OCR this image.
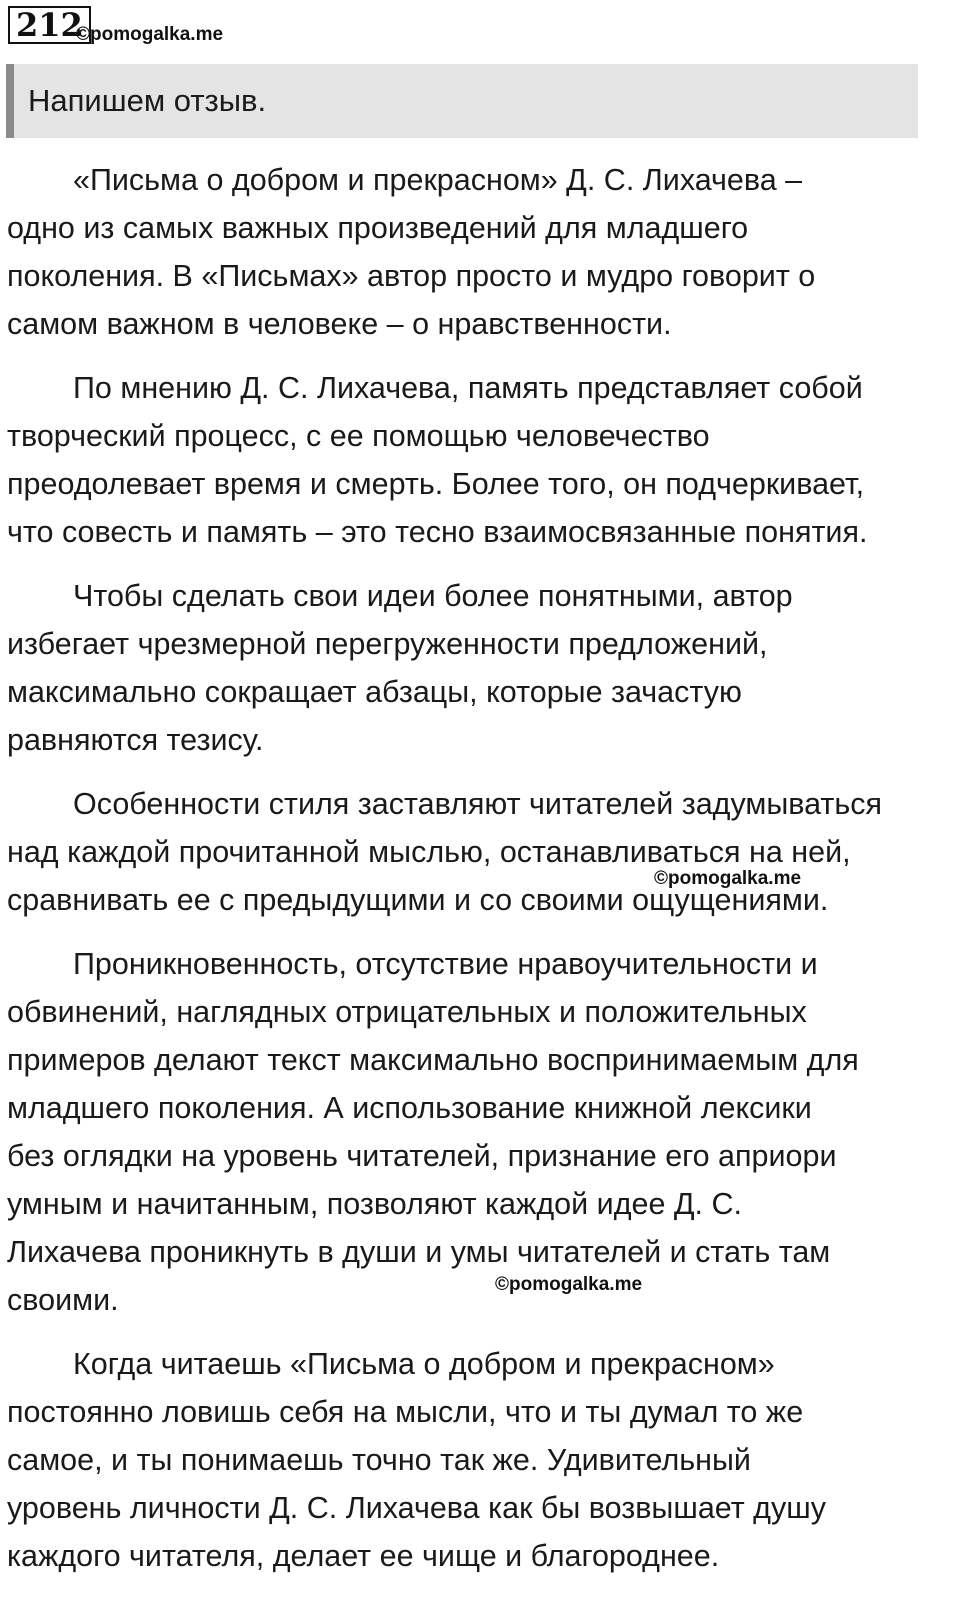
212
©pomogalka.me
Напишем отзыв.
«Письма о добром и прекрасном» Д. С. Лихачева –
одно из самых важных произведений для младшего
поколения. В «Письмах» автор просто и мудро говорит о
самом важном в человеке – о нравственности.
По мнению Д. С. Лихачева, память представляет собой
творческий процесс, с ее помощью человечество
преодолевает время и смерть. Более того, он подчеркивает,
что совесть и память – это тесно взаимосвязанные понятия.
Чтобы сделать свои идеи более понятными, автор
избегает чрезмерной перегруженности предложений,
максимально сокращает абзацы, которые зачастую
равняются тезису.
Особенности стиля заставляют читателей задумываться
над каждой прочитанной мыслью, останавливаться на ней,
сравнивать ее с предыдущими и со своими ощущениями.
Проникновенность, отсутствие нравоучительности и
обвинений, наглядных отрицательных и положительных
примеров делают текст максимально воспринимаемым для
младшего поколения. А использование книжной лексики
без оглядки на уровень читателей, признание его априори
умным и начитанным, позволяют каждой идее Д. С.
Лихачева проникнуть в души и умы читателей и стать там
своими.
Когда читаешь «Письма о добром и прекрасном»
постоянно ловишь себя на мысли, что и ты думал то же
самое, и ты понимаешь точно так же. Удивительный
уровень личности Д. С. Лихачева как бы возвышает душу
каждого читателя, делает ее чище и благороднее.
©pomogalka.me
©pomogalka.me
